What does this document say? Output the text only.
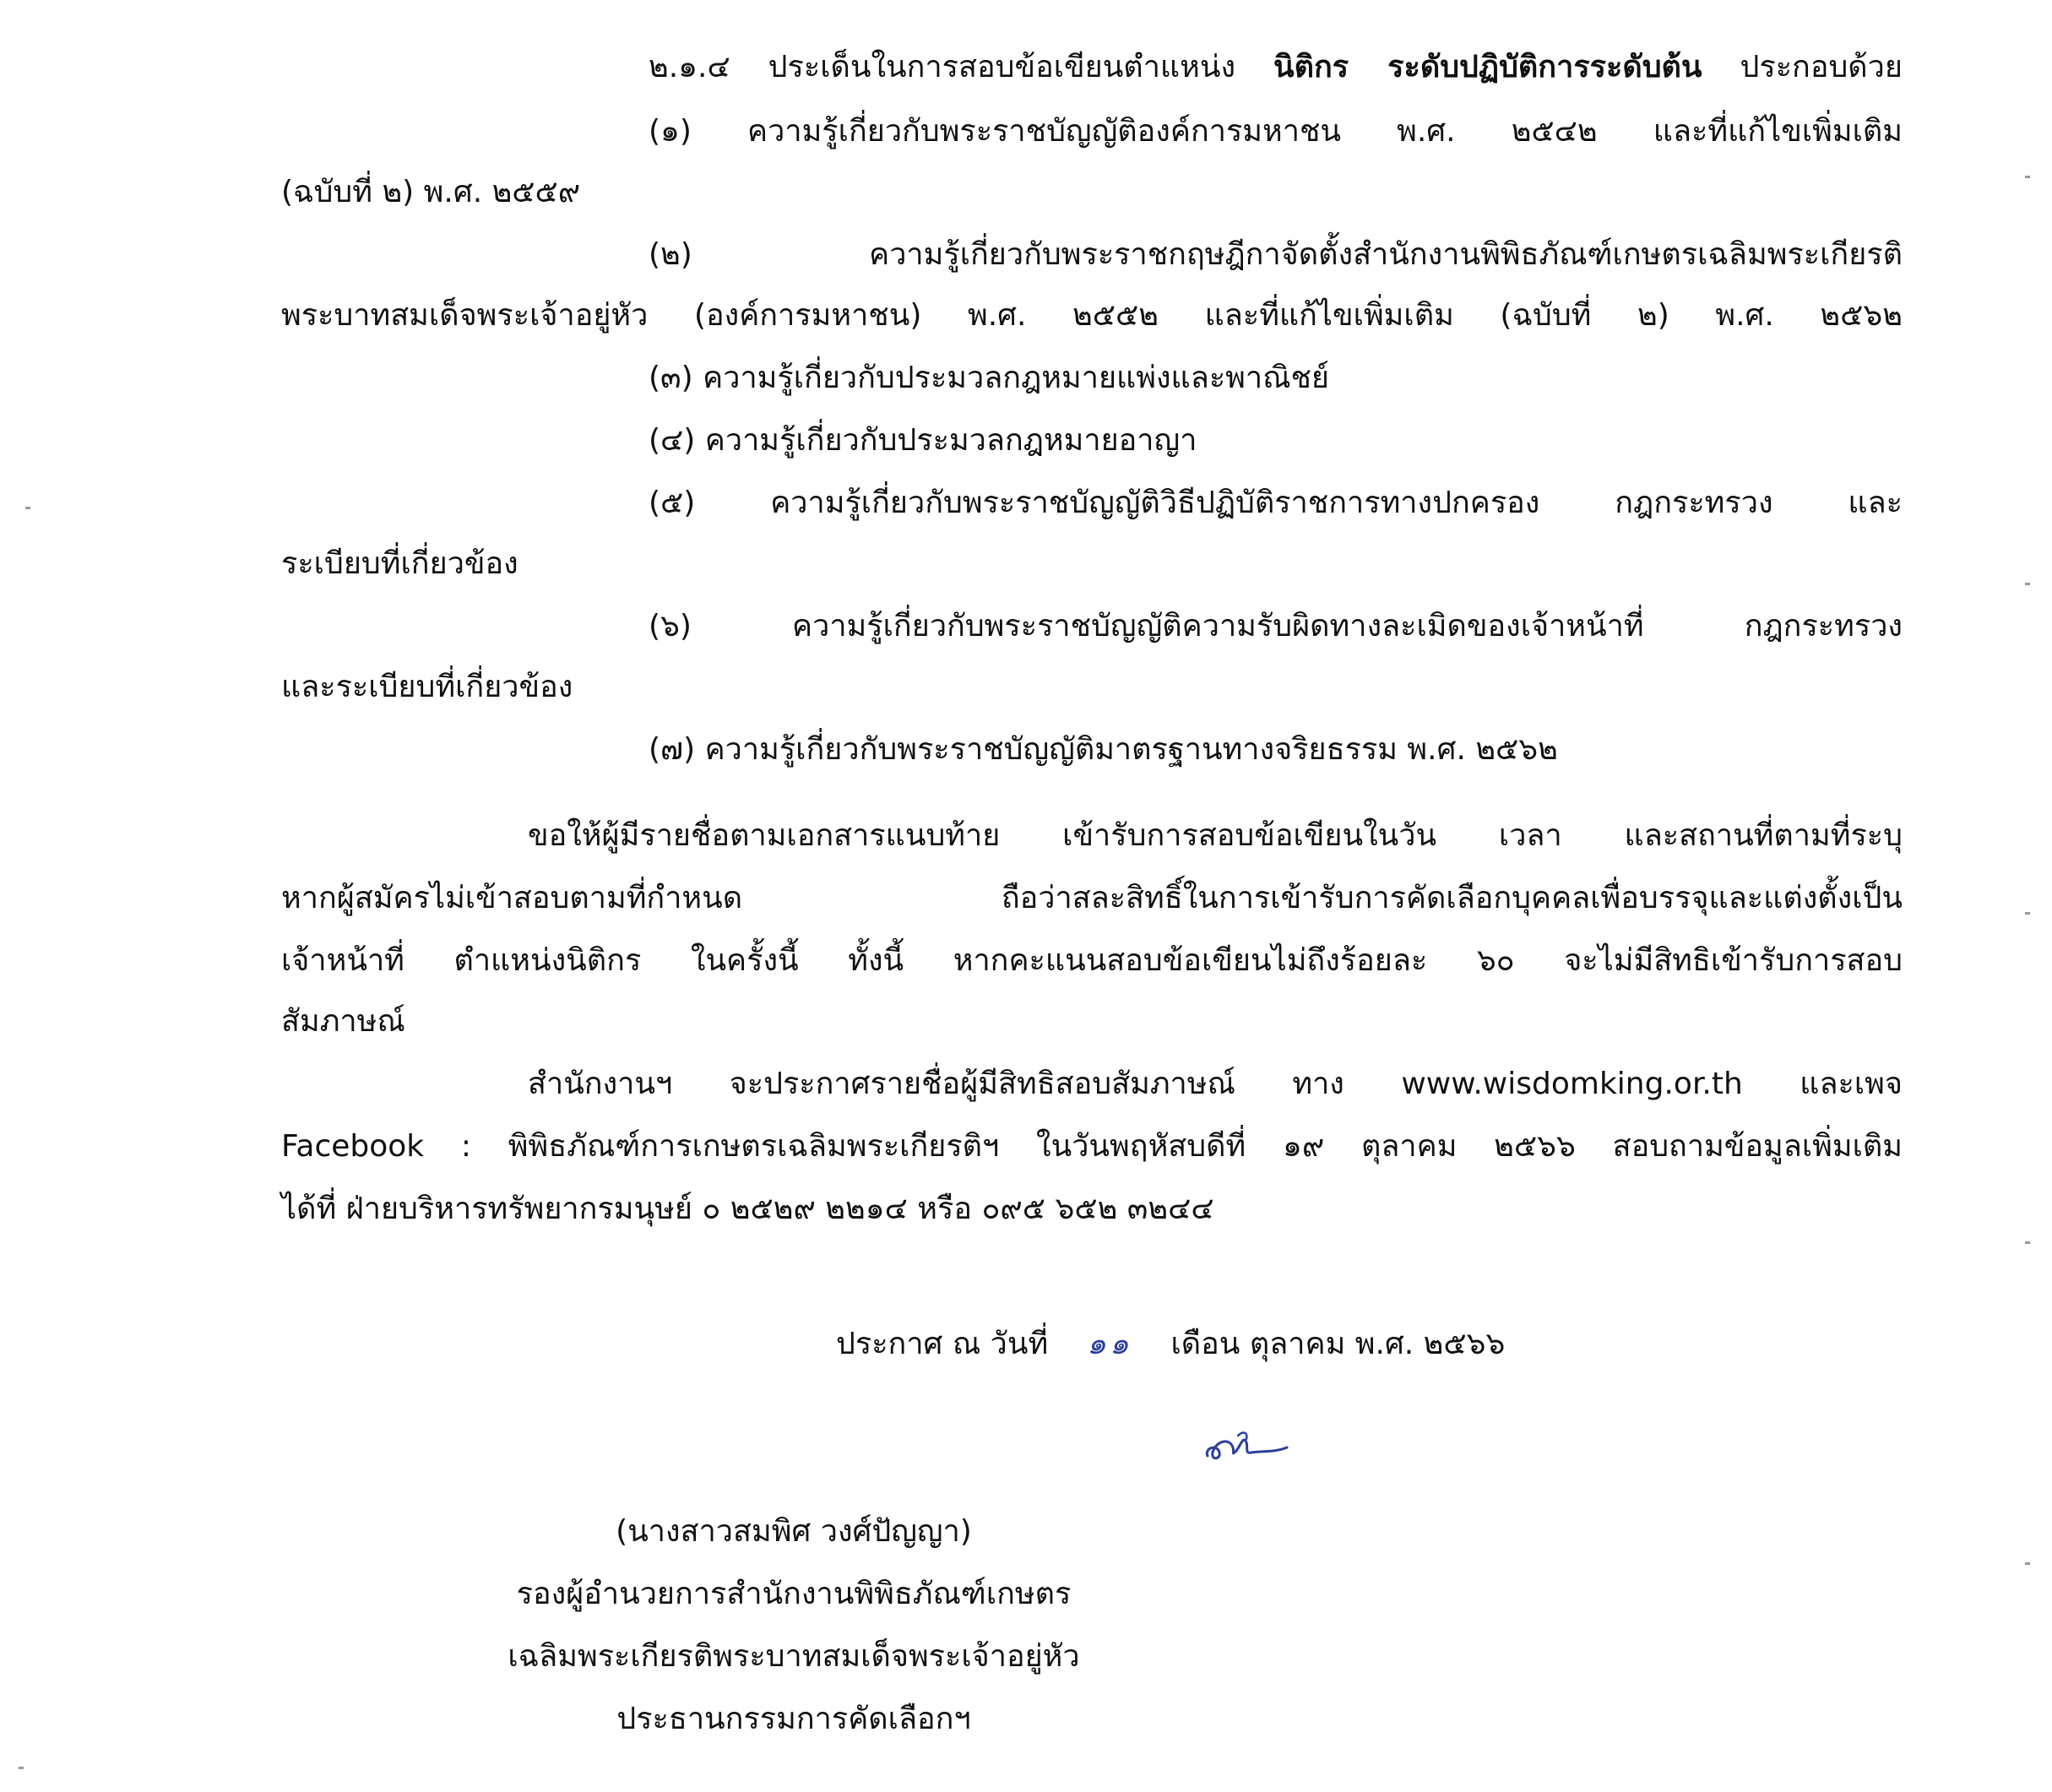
๒.๑.๔ ประเด็นในการสอบข้อเขียนตำแหน่ง นิติกร ระดับปฏิบัติการระดับต้น ประกอบด้วย
(๑) ความรู้เกี่ยวกับพระราชบัญญัติองค์การมหาชน พ.ศ. ๒๕๔๒ และที่แก้ไขเพิ่มเติม
(ฉบับที่ ๒) พ.ศ. ๒๕๕๙
(๒) ความรู้เกี่ยวกับพระราชกฤษฎีกาจัดตั้งสำนักงานพิพิธภัณฑ์เกษตรเฉลิมพระเกียรติ
พระบาทสมเด็จพระเจ้าอยู่หัว (องค์การมหาชน) พ.ศ. ๒๕๕๒ และที่แก้ไขเพิ่มเติม (ฉบับที่ ๒) พ.ศ. ๒๕๖๒
(๓) ความรู้เกี่ยวกับประมวลกฎหมายแพ่งและพาณิชย์
(๔) ความรู้เกี่ยวกับประมวลกฎหมายอาญา
(๕) ความรู้เกี่ยวกับพระราชบัญญัติวิธีปฏิบัติราชการทางปกครอง กฎกระทรวง และ
ระเบียบที่เกี่ยวข้อง
(๖) ความรู้เกี่ยวกับพระราชบัญญัติความรับผิดทางละเมิดของเจ้าหน้าที่ กฎกระทรวง
และระเบียบที่เกี่ยวข้อง
(๗) ความรู้เกี่ยวกับพระราชบัญญัติมาตรฐานทางจริยธรรม พ.ศ. ๒๕๖๒
ขอให้ผู้มีรายชื่อตามเอกสารแนบท้าย เข้ารับการสอบข้อเขียนในวัน เวลา และสถานที่ตามที่ระบุ
หากผู้สมัครไม่เข้าสอบตามที่กำหนด ถือว่าสละสิทธิ์ในการเข้ารับการคัดเลือกบุคคลเพื่อบรรจุและแต่งตั้งเป็น
เจ้าหน้าที่ ตำแหน่งนิติกร ในครั้งนี้ ทั้งนี้ หากคะแนนสอบข้อเขียนไม่ถึงร้อยละ ๖๐ จะไม่มีสิทธิเข้ารับการสอบ
สัมภาษณ์
สำนักงานฯ จะประกาศรายชื่อผู้มีสิทธิสอบสัมภาษณ์ ทาง www.wisdomking.or.th และเพจ
Facebook : พิพิธภัณฑ์การเกษตรเฉลิมพระเกียรติฯ ในวันพฤหัสบดีที่ ๑๙ ตุลาคม ๒๕๖๖ สอบถามข้อมูลเพิ่มเติม
ได้ที่ ฝ่ายบริหารทรัพยากรมนุษย์ ๐ ๒๕๒๙ ๒๒๑๔ หรือ ๐๙๕ ๖๕๒ ๓๒๔๔
ประกาศ ณ วันที่ ๑๑ เดือน ตุลาคม พ.ศ. ๒๕๖๖
(นางสาวสมพิศ วงศ์ปัญญา)
รองผู้อำนวยการสำนักงานพิพิธภัณฑ์เกษตร
เฉลิมพระเกียรติพระบาทสมเด็จพระเจ้าอยู่หัว
ประธานกรรมการคัดเลือกฯ
